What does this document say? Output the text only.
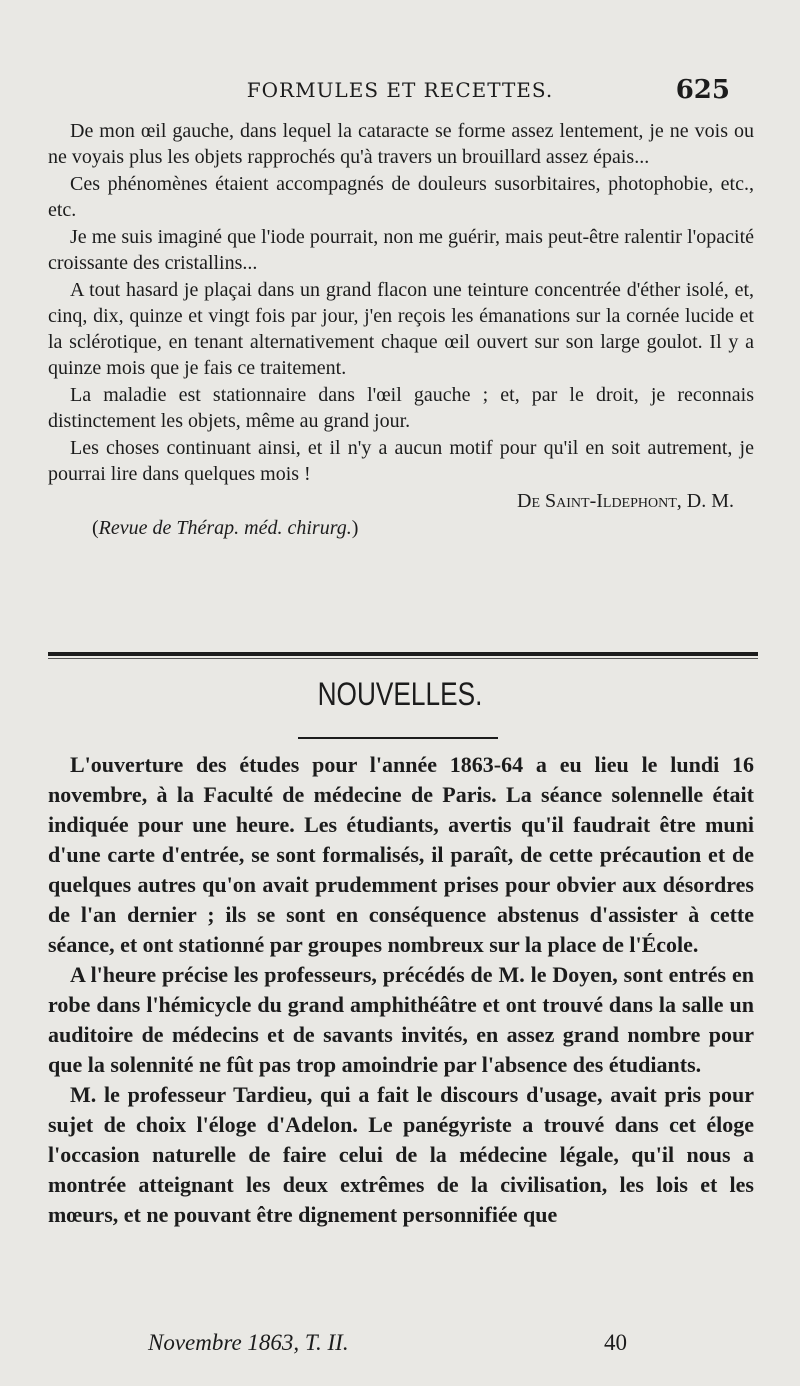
FORMULES ET RECETTES.	625

De mon œil gauche, dans lequel la cataracte se forme assez lentement, je ne vois ou ne voyais plus les objets rapprochés qu'à travers un brouillard assez épais...

Ces phénomènes étaient accompagnés de douleurs susorbitaires, photophobie, etc., etc.

Je me suis imaginé que l'iode pourrait, non me guérir, mais peut-être ralentir l'opacité croissante des cristallins...

A tout hasard je plaçai dans un grand flacon une teinture concentrée d'éther isolé, et, cinq, dix, quinze et vingt fois par jour, j'en reçois les émanations sur la cornée lucide et la sclérotique, en tenant alternativement chaque œil ouvert sur son large goulot. Il y a quinze mois que je fais ce traitement.

La maladie est stationnaire dans l'œil gauche ; et, par le droit, je reconnais distinctement les objets, même au grand jour.

Les choses continuant ainsi, et il n'y a aucun motif pour qu'il en soit autrement, je pourrai lire dans quelques mois !

De Saint-Ildephont, D. M.

(Revue de Thérap. méd. chirurg.)

NOUVELLES.

L'ouverture des études pour l'année 1863-64 a eu lieu le lundi 16 novembre, à la Faculté de médecine de Paris. La séance solennelle était indiquée pour une heure. Les étudiants, avertis qu'il faudrait être muni d'une carte d'entrée, se sont formalisés, il paraît, de cette précaution et de quelques autres qu'on avait prudemment prises pour obvier aux désordres de l'an dernier ; ils se sont en conséquence abstenus d'assister à cette séance, et ont stationné par groupes nombreux sur la place de l'École.

A l'heure précise les professeurs, précédés de M. le Doyen, sont entrés en robe dans l'hémicycle du grand amphithéâtre et ont trouvé dans la salle un auditoire de médecins et de savants invités, en assez grand nombre pour que la solennité ne fût pas trop amoindrie par l'absence des étudiants.

M. le professeur Tardieu, qui a fait le discours d'usage, avait pris pour sujet de choix l'éloge d'Adelon. Le panégyriste a trouvé dans cet éloge l'occasion naturelle de faire celui de la médecine légale, qu'il nous a montrée atteignant les deux extrêmes de la civilisation, les lois et les mœurs, et ne pouvant être dignement personnifiée que

Novembre 1863, T. II.	40
